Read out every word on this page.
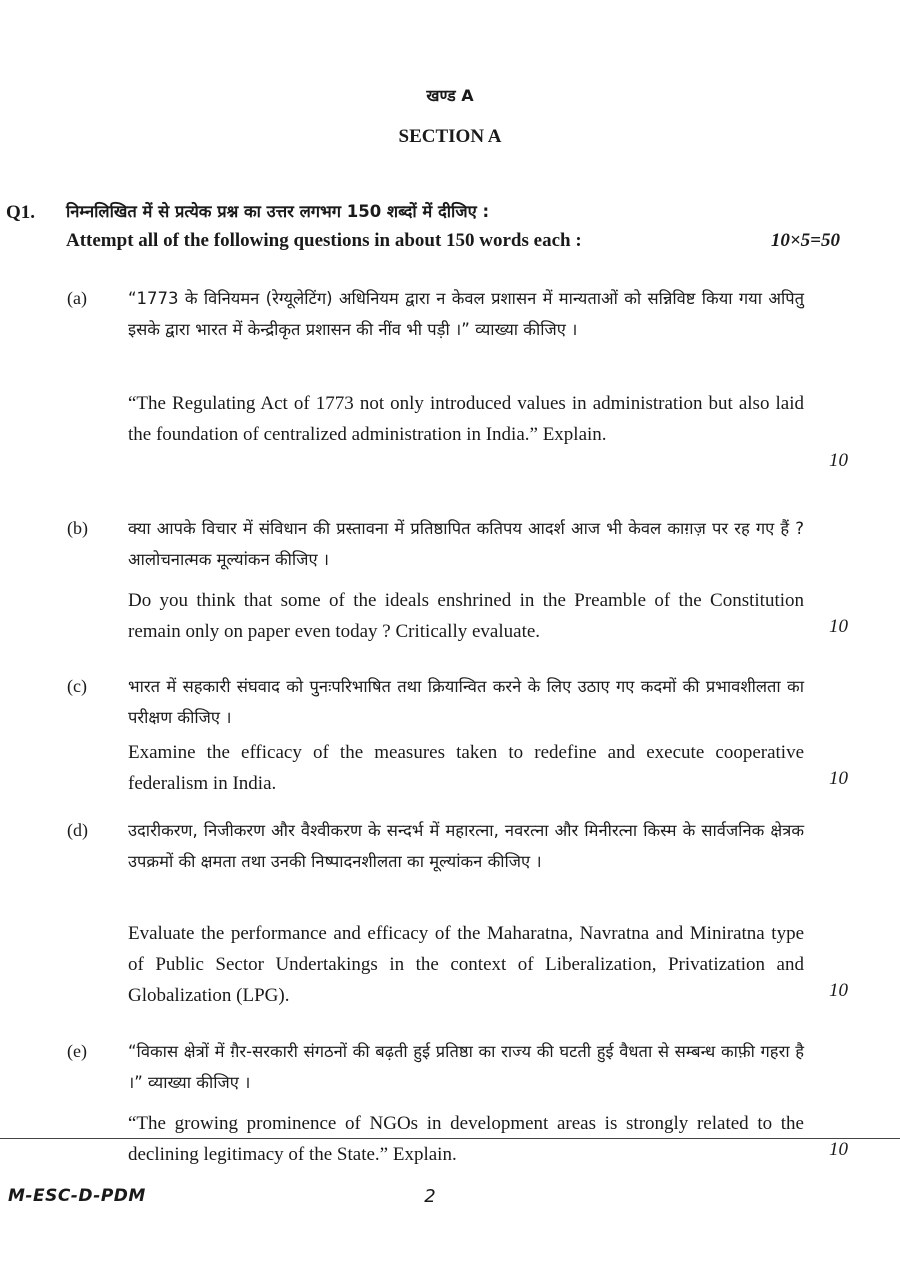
खण्ड A
SECTION A
Q1. निम्नलिखित में से प्रत्येक प्रश्न का उत्तर लगभग 150 शब्दों में दीजिए :
Attempt all of the following questions in about 150 words each :	10×5=50
(a) “1773 के विनियमन (रेग्यूलेटिंग) अधिनियम द्वारा न केवल प्रशासन में मान्यताओं को सन्निविष्ट किया गया अपितु इसके द्वारा भारत में केन्द्रीकृत प्रशासन की नींव भी पड़ी ।” व्याख्या कीजिए ।
“The Regulating Act of 1773 not only introduced values in administration but also laid the foundation of centralized administration in India.” Explain.
10
(b) क्या आपके विचार में संविधान की प्रस्तावना में प्रतिष्ठापित कतिपय आदर्श आज भी केवल काग़ज़ पर रह गए हैं ? आलोचनात्मक मूल्यांकन कीजिए ।
Do you think that some of the ideals enshrined in the Preamble of the Constitution remain only on paper even today ? Critically evaluate.	10
(c) भारत में सहकारी संघवाद को पुनःपरिभाषित तथा क्रियान्वित करने के लिए उठाए गए कदमों की प्रभावशीलता का परीक्षण कीजिए ।
Examine the efficacy of the measures taken to redefine and execute cooperative federalism in India.	10
(d) उदारीकरण, निजीकरण और वैश्वीकरण के सन्दर्भ में महारत्ना, नवरत्ना और मिनीरत्ना किस्म के सार्वजनिक क्षेत्रक उपक्रमों की क्षमता तथा उनकी निष्पादनशीलता का मूल्यांकन कीजिए ।
Evaluate the performance and efficacy of the Maharatna, Navratna and Miniratna type of Public Sector Undertakings in the context of Liberalization, Privatization and Globalization (LPG).	10
(e) “विकास क्षेत्रों में ग़ैर-सरकारी संगठनों की बढ़ती हुई प्रतिष्ठा का राज्य की घटती हुई वैधता से सम्बन्ध काफ़ी गहरा है ।” व्याख्या कीजिए ।
“The growing prominence of NGOs in development areas is strongly related to the declining legitimacy of the State.” Explain.	10
M-ESC-D-PDM	2
